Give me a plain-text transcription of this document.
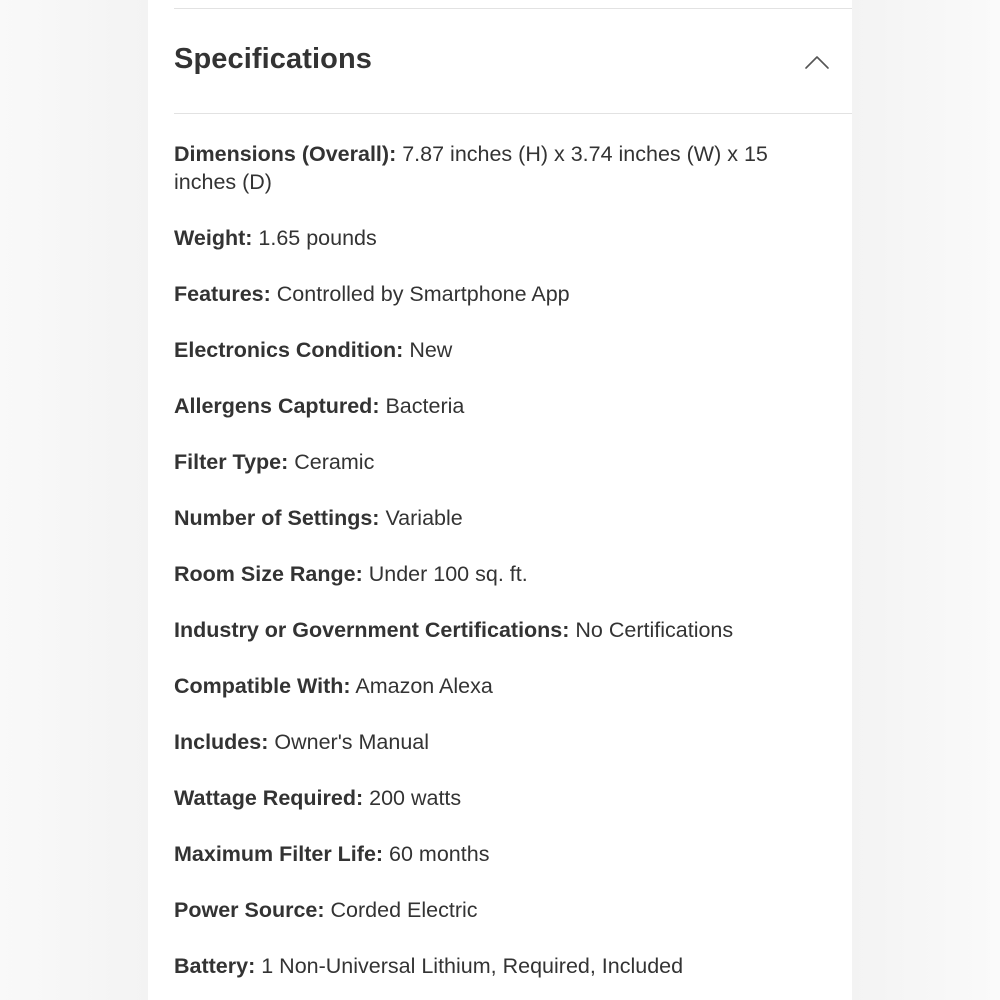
Specifications
Dimensions (Overall): 7.87 inches (H) x 3.74 inches (W) x 15 inches (D)
Weight: 1.65 pounds
Features: Controlled by Smartphone App
Electronics Condition: New
Allergens Captured: Bacteria
Filter Type: Ceramic
Number of Settings: Variable
Room Size Range: Under 100 sq. ft.
Industry or Government Certifications: No Certifications
Compatible With: Amazon Alexa
Includes: Owner's Manual
Wattage Required: 200 watts
Maximum Filter Life: 60 months
Power Source: Corded Electric
Battery: 1 Non-Universal Lithium, Required, Included
